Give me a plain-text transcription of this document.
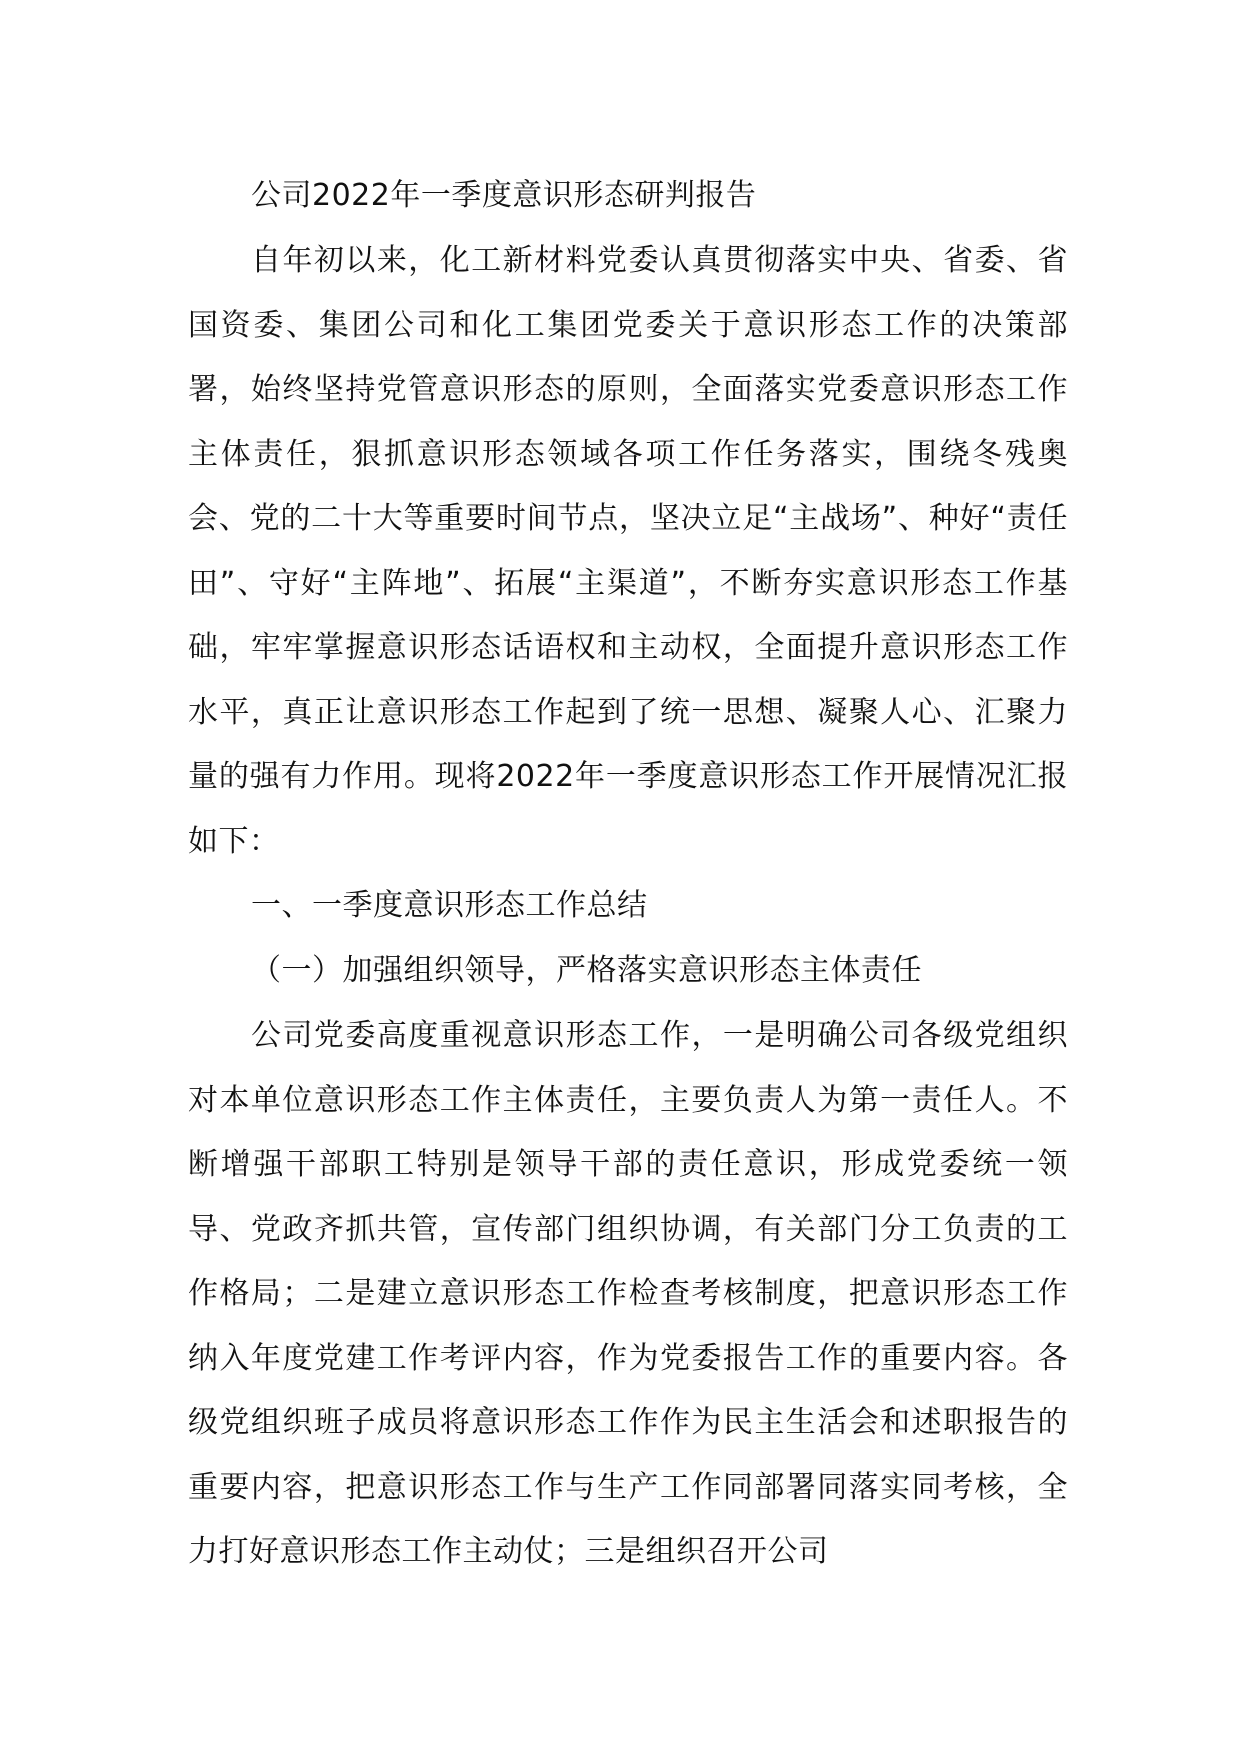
公司2022年一季度意识形态研判报告

自年初以来，化工新材料党委认真贯彻落实中央、省委、省国资委、集团公司和化工集团党委关于意识形态工作的决策部署，始终坚持党管意识形态的原则，全面落实党委意识形态工作主体责任，狠抓意识形态领域各项工作任务落实，围绕冬残奥会、党的二十大等重要时间节点，坚决立足“主战场”、种好“责任田”、守好“主阵地”、拓展“主渠道”，不断夯实意识形态工作基础，牢牢掌握意识形态话语权和主动权，全面提升意识形态工作水平，真正让意识形态工作起到了统一思想、凝聚人心、汇聚力量的强有力作用。现将2022年一季度意识形态工作开展情况汇报如下：

一、一季度意识形态工作总结

（一）加强组织领导，严格落实意识形态主体责任

公司党委高度重视意识形态工作，一是明确公司各级党组织对本单位意识形态工作主体责任，主要负责人为第一责任人。不断增强干部职工特别是领导干部的责任意识，形成党委统一领导、党政齐抓共管，宣传部门组织协调，有关部门分工负责的工作格局；二是建立意识形态工作检查考核制度，把意识形态工作纳入年度党建工作考评内容，作为党委报告工作的重要内容。各级党组织班子成员将意识形态工作作为民主生活会和述职报告的重要内容，把意识形态工作与生产工作同部署同落实同考核，全力打好意识形态工作主动仗；三是组织召开公司
